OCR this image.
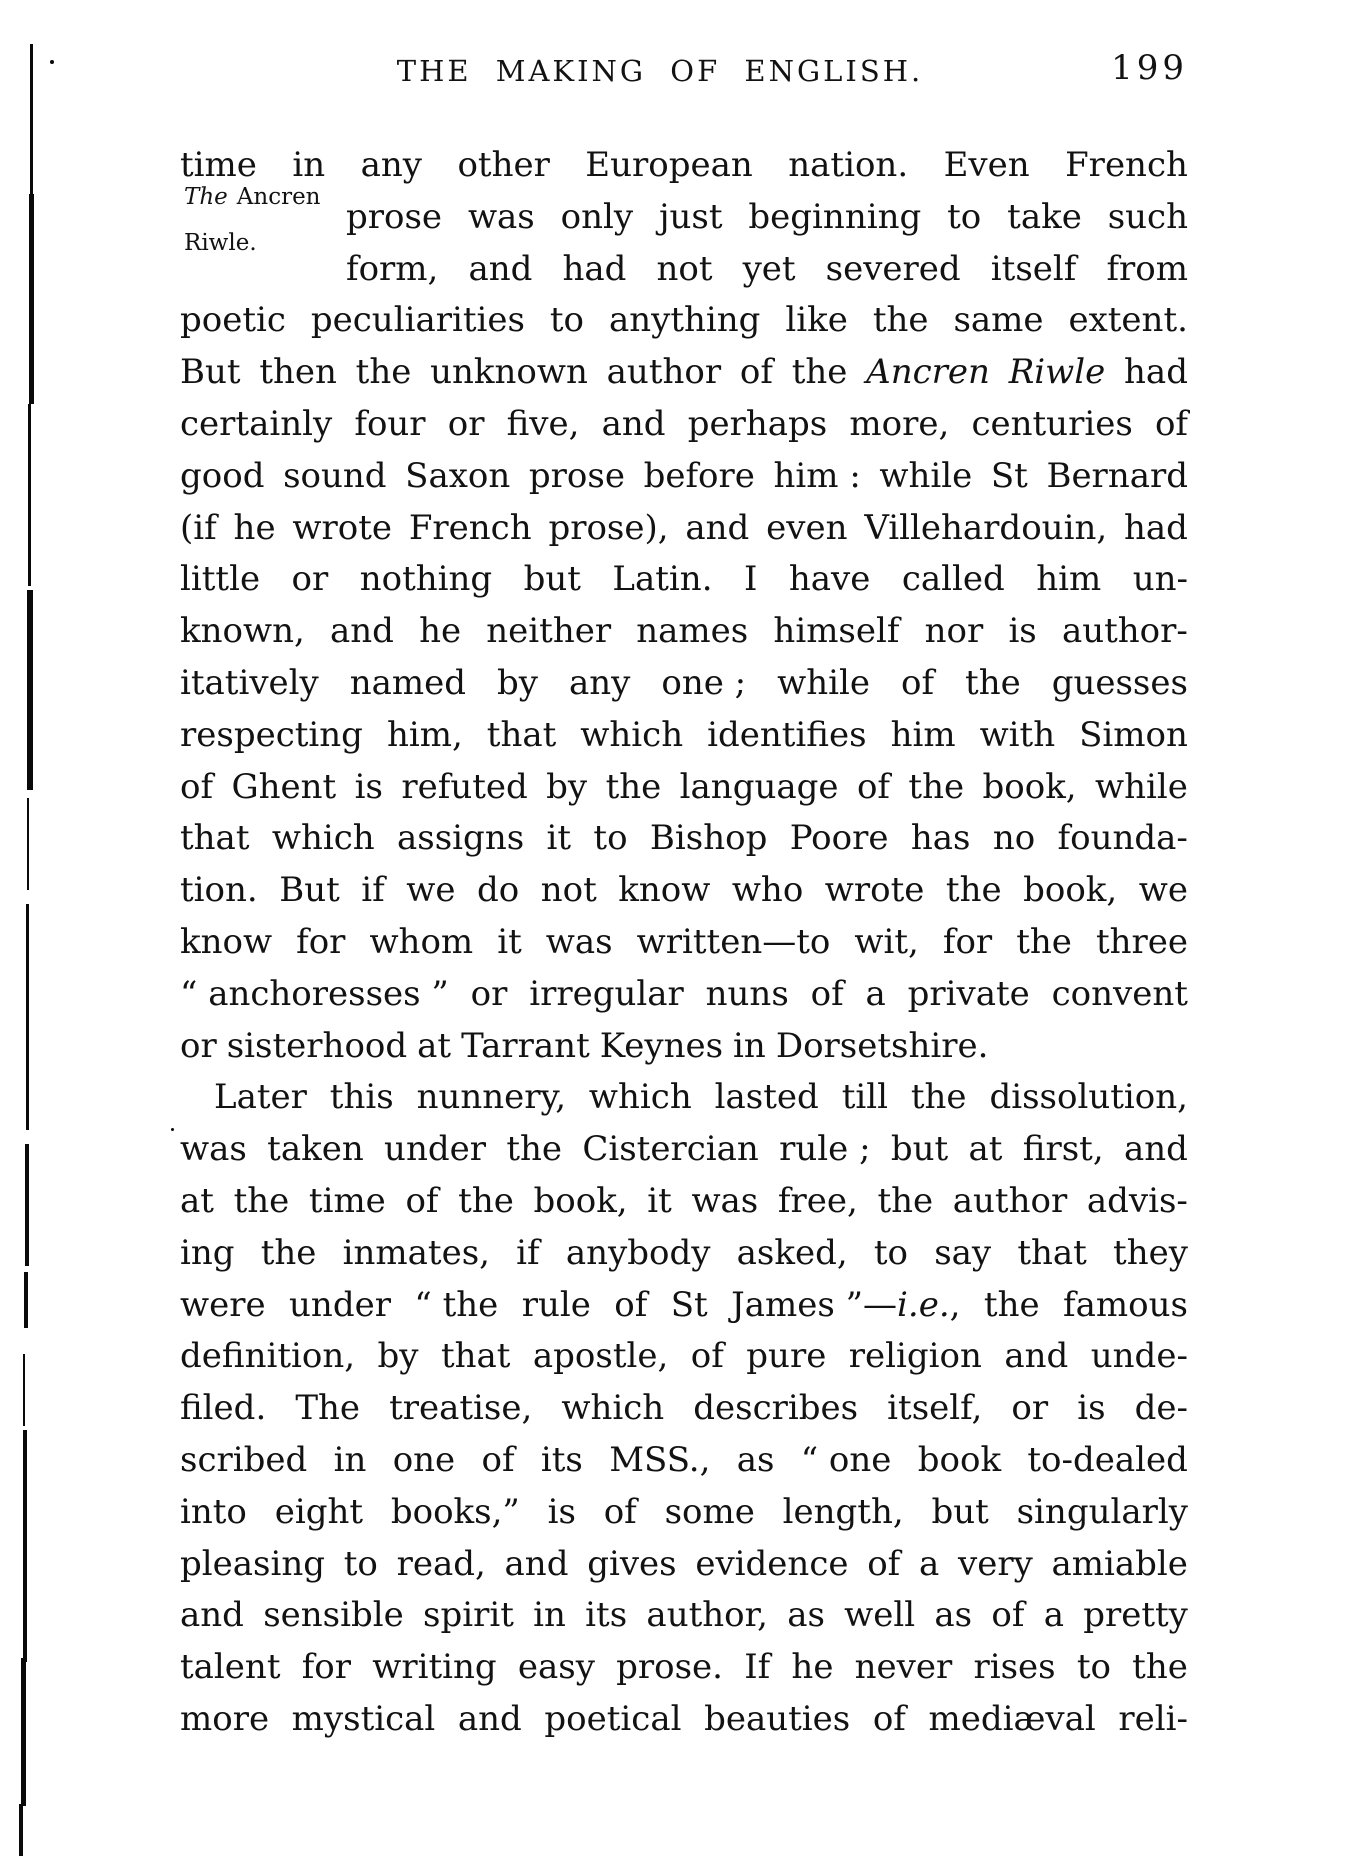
THE MAKING OF ENGLISH.	199
The Ancren
Riwle.
time in any other European nation. Even French
prose was only just beginning to take such
form, and had not yet severed itself from
poetic peculiarities to anything like the same extent.
But then the unknown author of the Ancren Riwle had
certainly four or five, and perhaps more, centuries of
good sound Saxon prose before him : while St Bernard
(if he wrote French prose), and even Villehardouin, had
little or nothing but Latin. I have called him un-
known, and he neither names himself nor is author-
itatively named by any one ; while of the guesses
respecting him, that which identifies him with Simon
of Ghent is refuted by the language of the book, while
that which assigns it to Bishop Poore has no founda-
tion. But if we do not know who wrote the book, we
know for whom it was written—to wit, for the three
“ anchoresses ” or irregular nuns of a private convent
or sisterhood at Tarrant Keynes in Dorsetshire.
Later this nunnery, which lasted till the dissolution,
was taken under the Cistercian rule ; but at first, and
at the time of the book, it was free, the author advis-
ing the inmates, if anybody asked, to say that they
were under “ the rule of St James ”—i.e., the famous
definition, by that apostle, of pure religion and unde-
filed. The treatise, which describes itself, or is de-
scribed in one of its MSS., as “ one book to-dealed
into eight books,” is of some length, but singularly
pleasing to read, and gives evidence of a very amiable
and sensible spirit in its author, as well as of a pretty
talent for writing easy prose. If he never rises to the
more mystical and poetical beauties of mediæval reli-
